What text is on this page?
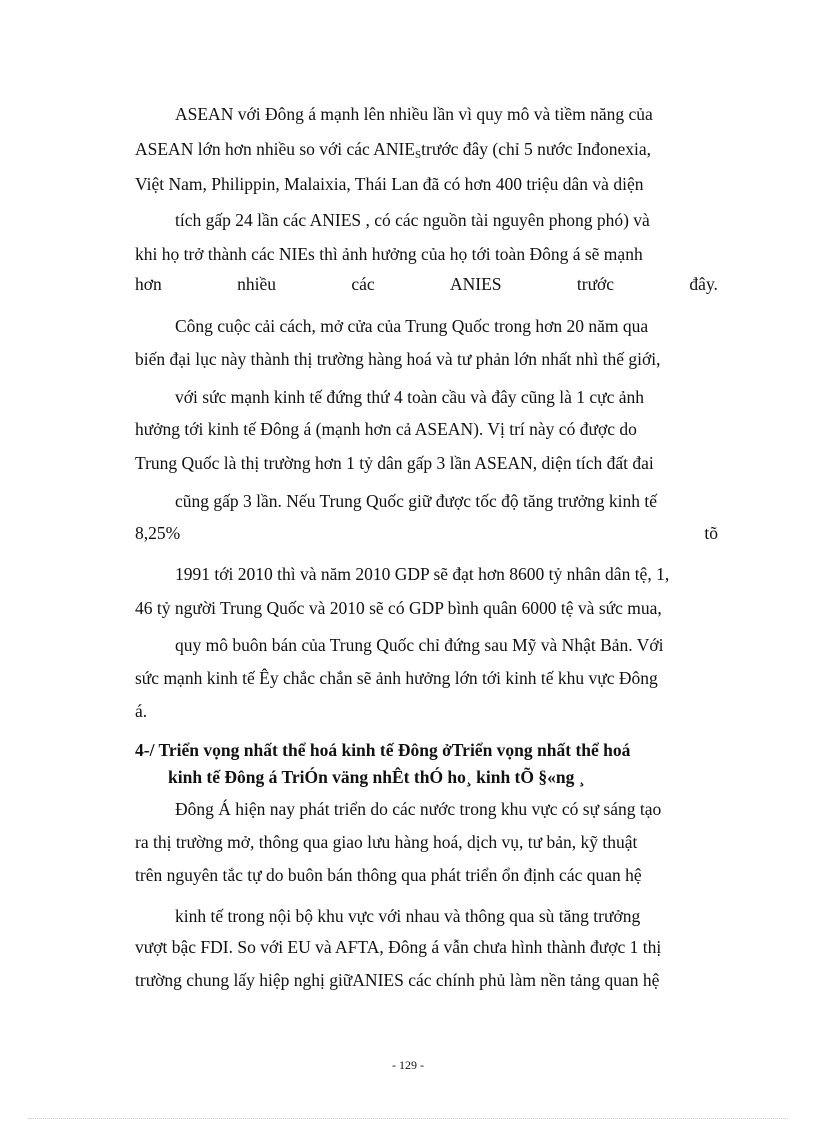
ASEAN với Đông á mạnh lên nhiều lần vì quy mô và tiềm năng của
ASEAN lớn hơn nhiều so với các $ANIE_Strước$ đây (chỉ 5 nước Inđonexia,
Việt Nam, Philippin, Malaixia, Thái Lan đã có hơn 400 triệu dân và diện
tích gấp 24 lần các ANIES , có các nguồn tài nguyên phong phó) và
khi họ trở thành các NIEs thì ảnh hưởng của họ tới toàn Đông á sẽ mạnh
hơn	nhiều	các	ANIES	trước	đây.
Công cuộc cải cách, mở cửa của Trung Quốc trong hơn 20 năm qua
biến đại lục này thành thị trường hàng hoá và tư phản lớn nhất nhì thế giới,
với sức mạnh kinh tế đứng thứ 4 toàn cầu và đây cũng là 1 cực ảnh
hưởng tới kinh tế Đông á (mạnh hơn cả ASEAN). Vị trí này có được do
Trung Quốc là thị trường hơn 1 tỷ dân gấp 3 lần ASEAN, diện tích đất đai
cũng gấp 3 lần. Nếu Trung Quốc giữ được tốc độ tăng trưởng kinh tế
8,25%	tõ
1991 tới 2010 thì và năm 2010 GDP sẽ đạt hơn 8600 tỷ nhân dân tệ, 1,
46 tỷ người Trung Quốc và 2010 sẽ có GDP bình quân 6000 tệ và sức mua,
quy mô buôn bán của Trung Quốc chỉ đứng sau Mỹ và Nhật Bản. Với
sức mạnh kinh tế Êy chắc chắn sẽ ảnh hưởng lớn tới kinh tế khu vực Đông
á.
4-/ Triển vọng nhất thể hoá kinh tế Đông ởTriển vọng nhất thể hoá
kinh tế Đông á TriÓn väng nhÊt thÓ ho¸ kinh tÕ §«ng ¸
Đông Á hiện nay phát triển do các nước trong khu vực có sự sáng tạo
ra thị trường mở, thông qua giao lưu hàng hoá, dịch vụ, tư bản, kỹ thuật
trên nguyên tắc tự do buôn bán thông qua phát triển ổn định các quan hệ
kinh tế trong nội bộ khu vực với nhau và thông qua sù tăng trưởng
vượt bậc FDI. So với EU và AFTA, Đông á vẫn chưa hình thành được 1 thị
trường chung lấy hiệp nghị giữANIES các chính phủ làm nền tảng quan hệ
- 129 -
